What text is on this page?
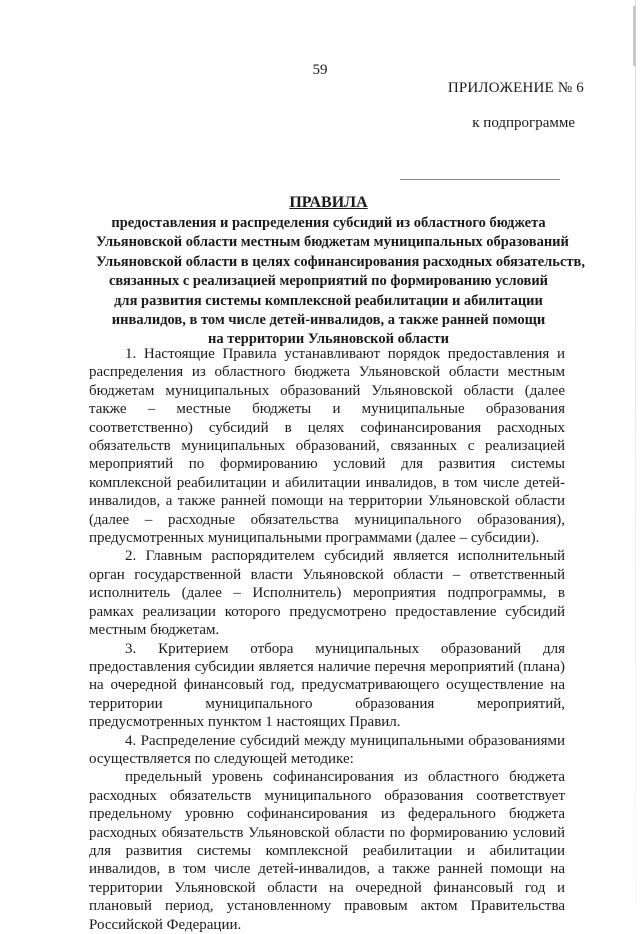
59
ПРИЛОЖЕНИЕ № 6
к подпрограмме
ПРАВИЛА
предоставления и распределения субсидий из областного бюджета
Ульяновской области местным бюджетам муниципальных образований
Ульяновской области в целях софинансирования расходных обязательств,
связанных с реализацией мероприятий по формированию условий
для развития системы комплексной реабилитации и абилитации
инвалидов, в том числе детей-инвалидов, а также ранней помощи
на территории Ульяновской области

1. Настоящие Правила устанавливают порядок предоставления и распределения из областного бюджета Ульяновской области местным бюджетам муниципальных образований Ульяновской области (далее также – местные бюджеты и муниципальные образования соответственно) субсидий в целях софинансирования расходных обязательств муниципальных образований, связанных с реализацией мероприятий по формированию условий для развития системы комплексной реабилитации и абилитации инвалидов, в том числе детей-инвалидов, а также ранней помощи на территории Ульяновской области (далее – расходные обязательства муниципального образования), предусмотренных муниципальными программами (далее – субсидии).

2. Главным распорядителем субсидий является исполнительный орган государственной власти Ульяновской области – ответственный исполнитель (далее – Исполнитель) мероприятия подпрограммы, в рамках реализации которого предусмотрено предоставление субсидий местным бюджетам.

3. Критерием отбора муниципальных образований для предоставления субсидии является наличие перечня мероприятий (плана) на очередной финансовый год, предусматривающего осуществление на территории муниципального образования мероприятий, предусмотренных пунктом 1 настоящих Правил.

4. Распределение субсидий между муниципальными образованиями осуществляется по следующей методике:

предельный уровень софинансирования из областного бюджета расходных обязательств муниципального образования соответствует предельному уровню софинансирования из федерального бюджета расходных обязательств Ульяновской области по формированию условий для развития системы комплексной реабилитации и абилитации инвалидов, в том числе детей-инвалидов, а также ранней помощи на территории Ульяновской области на очередной финансовый год и плановый период, установленному правовым актом Правительства Российской Федерации.
